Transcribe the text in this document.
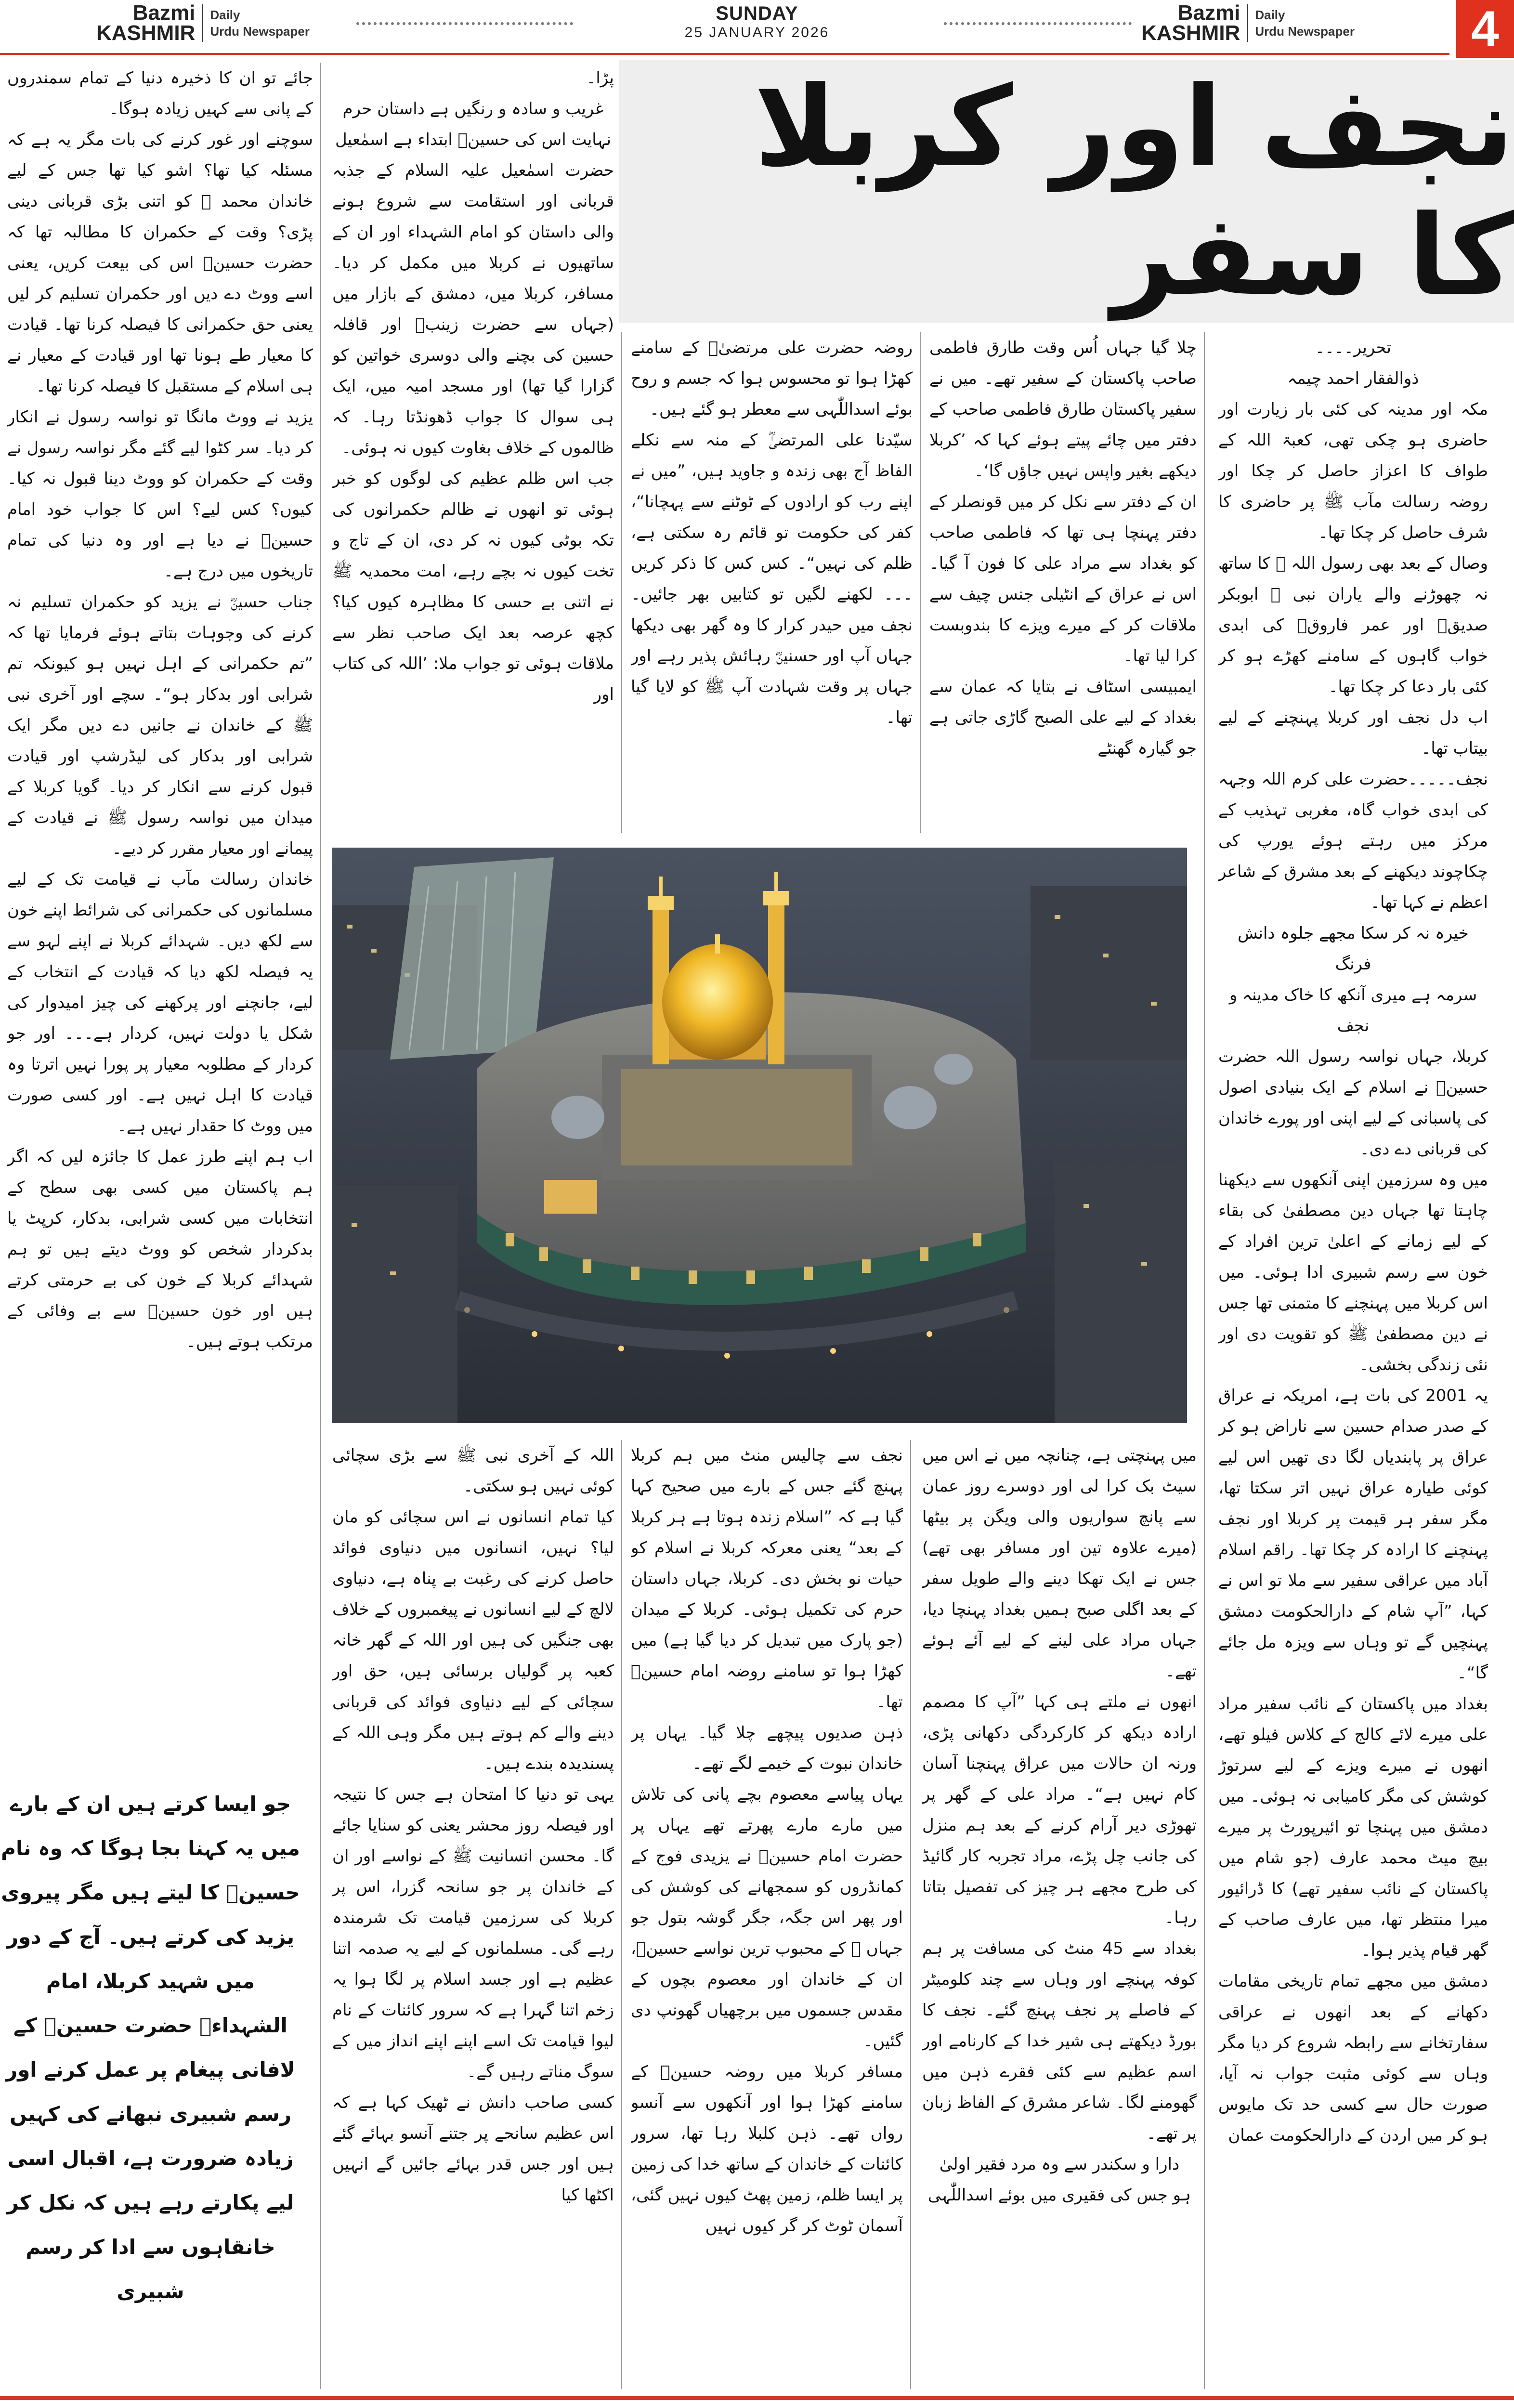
Bazmi
KASHMIR
Daily
Urdu Newspaper
SUNDAY
25 JANUARY 2026
Bazmi
KASHMIR
Daily
Urdu Newspaper 4
نجف اور کربلا کا سفر

تحریر۔۔۔۔

ذوالفقار احمد چیمہ

مکہ اور مدینہ کی کئی بار زیارت اور حاضری ہو چکی تھی، کعبۃ اللہ کے طواف کا اعزاز حاصل کر چکا اور روضہ رسالت مآب ﷺ پر حاضری کا شرف حاصل کر چکا تھا۔

وصال کے بعد بھی رسول اللہ ﷺ کا ساتھ نہ چھوڑنے والے یاران نبی ﷺ ابوبکر صدیقؓ اور عمر فاروقؓ کی ابدی خواب گاہوں کے سامنے کھڑے ہو کر کئی بار دعا کر چکا تھا۔

اب دل نجف اور کربلا پہنچنے کے لیے بیتاب تھا۔

نجف۔۔۔۔۔حضرت علی کرم اللہ وجہہ کی ابدی خواب گاہ، مغربی تہذیب کے مرکز میں رہتے ہوئے یورپ کی چکاچوند دیکھنے کے بعد مشرق کے شاعر اعظم نے کہا تھا۔

خیرہ نہ کر سکا مجھے جلوہ دانش فرنگ

سرمہ ہے میری آنکھ کا خاک مدینہ و نجف

کربلا، جہاں نواسہ رسول اللہ حضرت حسینؓ نے اسلام کے ایک بنیادی اصول کی پاسبانی کے لیے اپنی اور پورے خاندان کی قربانی دے دی۔

میں وہ سرزمین اپنی آنکھوں سے دیکھنا چاہتا تھا جہاں دین مصطفیٰ کی بقاء کے لیے زمانے کے اعلیٰ ترین افراد کے خون سے رسم شبیری ادا ہوئی۔ میں اس کربلا میں پہنچنے کا متمنی تھا جس نے دین مصطفیٰ ﷺ کو تقویت دی اور نئی زندگی بخشی۔

یہ 2001 کی بات ہے، امریکہ نے عراق کے صدر صدام حسین سے ناراض ہو کر عراق پر پابندیاں لگا دی تھیں اس لیے کوئی طیارہ عراق نہیں اتر سکتا تھا، مگر سفر ہر قیمت پر کربلا اور نجف پہنچنے کا ارادہ کر چکا تھا۔ راقم اسلام آباد میں عراقی سفیر سے ملا تو اس نے کہا، ”آپ شام کے دارالحکومت دمشق پہنچیں گے تو وہاں سے ویزہ مل جائے گا“۔

بغداد میں پاکستان کے نائب سفیر مراد علی میرے لائے کالج کے کلاس فیلو تھے، انھوں نے میرے ویزے کے لیے سرتوڑ کوشش کی مگر کامیابی نہ ہوئی۔ میں دمشق میں پہنچا تو ائیرپورٹ پر میرے بیچ میٹ محمد عارف (جو شام میں پاکستان کے نائب سفیر تھے) کا ڈرائیور میرا منتظر تھا، میں عارف صاحب کے گھر قیام پذیر ہوا۔

دمشق میں مجھے تمام تاریخی مقامات دکھانے کے بعد انھوں نے عراقی سفارتخانے سے رابطہ شروع کر دیا مگر وہاں سے کوئی مثبت جواب نہ آیا، صورت حال سے کسی حد تک مایوس ہو کر میں اردن کے دارالحکومت عمان

چلا گیا جہاں اُس وقت طارق فاطمی صاحب پاکستان کے سفیر تھے۔ میں نے سفیر پاکستان طارق فاطمی صاحب کے دفتر میں چائے پیتے ہوئے کہا کہ ’کربلا دیکھے بغیر واپس نہیں جاؤں گا‘۔

ان کے دفتر سے نکل کر میں قونصلر کے دفتر پہنچا ہی تھا کہ فاطمی صاحب کو بغداد سے مراد علی کا فون آ گیا۔ اس نے عراق کے انٹیلی جنس چیف سے ملاقات کر کے میرے ویزے کا بندوبست کرا لیا تھا۔

ایمبیسی اسٹاف نے بتایا کہ عمان سے بغداد کے لیے علی الصبح گاڑی جاتی ہے جو گیارہ گھنٹے

روضہ حضرت علی مرتضیٰؓ کے سامنے کھڑا ہوا تو محسوس ہوا کہ جسم و روح بوئے اسداللّٰہی سے معطر ہو گئے ہیں۔

سیّدنا علی المرتضیٰؓ کے منہ سے نکلے الفاظ آج بھی زندہ و جاوید ہیں، ”میں نے اپنے رب کو ارادوں کے ٹوٹنے سے پہچانا“، کفر کی حکومت تو قائم رہ سکتی ہے، ظلم کی نہیں“۔ کس کس کا ذکر کریں ۔۔۔ لکھنے لگیں تو کتابیں بھر جائیں۔ نجف میں حیدر کرار کا وہ گھر بھی دیکھا جہاں آپ اور حسنینؓ رہائش پذیر رہے اور جہاں پر وقت شہادت آپ ﷺ کو لایا گیا تھا۔

پڑا۔

غریب و سادہ و رنگیں ہے داستان حرم نہایت اس کی حسینؓ ابتداء ہے اسمٰعیل

حضرت اسمٰعیل علیہ السلام کے جذبہ قربانی اور استقامت سے شروع ہونے والی داستان کو امام الشہداء اور ان کے ساتھیوں نے کربلا میں مکمل کر دیا۔ مسافر، کربلا میں، دمشق کے بازار میں (جہاں سے حضرت زینبؓ اور قافلہ حسین کی بچنے والی دوسری خواتین کو گزارا گیا تھا) اور مسجد امیہ میں، ایک ہی سوال کا جواب ڈھونڈتا رہا۔ کہ ظالموں کے خلاف بغاوت کیوں نہ ہوئی۔

جب اس ظلم عظیم کی لوگوں کو خبر ہوئی تو انھوں نے ظالم حکمرانوں کی تکہ بوٹی کیوں نہ کر دی، ان کے تاج و تخت کیوں نہ بچے رہے، امت محمدیہ ﷺ نے اتنی بے حسی کا مظاہرہ کیوں کیا؟ کچھ عرصہ بعد ایک صاحب نظر سے ملاقات ہوئی تو جواب ملا: ’اللہ کی کتاب اور

جائے تو ان کا ذخیرہ دنیا کے تمام سمندروں کے پانی سے کہیں زیادہ ہوگا۔

سوچنے اور غور کرنے کی بات مگر یہ ہے کہ مسئلہ کیا تھا؟ اشو کیا تھا جس کے لیے خاندان محمد ﷺ کو اتنی بڑی قربانی دینی پڑی؟ وقت کے حکمران کا مطالبہ تھا کہ حضرت حسینؓ اس کی بیعت کریں، یعنی اسے ووٹ دے دیں اور حکمران تسلیم کر لیں یعنی حق حکمرانی کا فیصلہ کرنا تھا۔ قیادت کا معیار طے ہونا تھا اور قیادت کے معیار نے ہی اسلام کے مستقبل کا فیصلہ کرنا تھا۔

یزید نے ووٹ مانگا تو نواسہ رسول نے انکار کر دیا۔ سر کٹوا لیے گئے مگر نواسہ رسول نے وقت کے حکمران کو ووٹ دینا قبول نہ کیا۔ کیوں؟ کس لیے؟ اس کا جواب خود امام حسینؓ نے دیا ہے اور وہ دنیا کی تمام تاریخوں میں درج ہے۔

جناب حسینؓ نے یزید کو حکمران تسلیم نہ کرنے کی وجوہات بتاتے ہوئے فرمایا تھا کہ ”تم حکمرانی کے اہل نہیں ہو کیونکہ تم شرابی اور بدکار ہو“۔ سچے اور آخری نبی ﷺ کے خاندان نے جانیں دے دیں مگر ایک شرابی اور بدکار کی لیڈرشپ اور قیادت قبول کرنے سے انکار کر دیا۔ گویا کربلا کے میدان میں نواسہ رسول ﷺ نے قیادت کے پیمانے اور معیار مقرر کر دیے۔

خاندان رسالت مآب نے قیامت تک کے لیے مسلمانوں کی حکمرانی کی شرائط اپنے خون سے لکھ دیں۔ شہدائے کربلا نے اپنے لہو سے یہ فیصلہ لکھ دیا کہ قیادت کے انتخاب کے لیے، جانچنے اور پرکھنے کی چیز امیدوار کی شکل یا دولت نہیں، کردار ہے۔۔۔ اور جو کردار کے مطلوبہ معیار پر پورا نہیں اترتا وہ قیادت کا اہل نہیں ہے۔ اور کسی صورت میں ووٹ کا حقدار نہیں ہے۔

اب ہم اپنے طرز عمل کا جائزہ لیں کہ اگر ہم پاکستان میں کسی بھی سطح کے انتخابات میں کسی شرابی، بدکار، کرپٹ یا بدکردار شخص کو ووٹ دیتے ہیں تو ہم شہدائے کربلا کے خون کی بے حرمتی کرتے ہیں اور خون حسینؓ سے بے وفائی کے مرتکب ہوتے ہیں۔

میں پہنچتی ہے، چنانچہ میں نے اس میں سیٹ بک کرا لی اور دوسرے روز عمان سے پانچ سواریوں والی ویگن پر بیٹھا (میرے علاوہ تین اور مسافر بھی تھے) جس نے ایک تھکا دینے والے طویل سفر کے بعد اگلی صبح ہمیں بغداد پہنچا دیا، جہاں مراد علی لینے کے لیے آئے ہوئے تھے۔

انھوں نے ملتے ہی کہا ”آپ کا مصمم ارادہ دیکھ کر کارکردگی دکھانی پڑی، ورنہ ان حالات میں عراق پہنچنا آسان کام نہیں ہے“۔ مراد علی کے گھر پر تھوڑی دیر آرام کرنے کے بعد ہم منزل کی جانب چل پڑے، مراد تجربہ کار گائیڈ کی طرح مجھے ہر چیز کی تفصیل بتاتا رہا۔

بغداد سے 45 منٹ کی مسافت پر ہم کوفہ پہنچے اور وہاں سے چند کلومیٹر کے فاصلے پر نجف پہنچ گئے۔ نجف کا بورڈ دیکھتے ہی شیر خدا کے کارنامے اور اسم عظیم سے کئی فقرے ذہن میں گھومنے لگا۔ شاعر مشرق کے الفاظ زبان پر تھے۔

دارا و سکندر سے وہ مرد فقیر اولیٰ

ہو جس کی فقیری میں بوئے اسداللّٰہی

نجف سے چالیس منٹ میں ہم کربلا پہنچ گئے جس کے بارے میں صحیح کہا گیا ہے کہ ”اسلام زندہ ہوتا ہے ہر کربلا کے بعد“ یعنی معرکہ کربلا نے اسلام کو حیات نو بخش دی۔ کربلا، جہاں داستان حرم کی تکمیل ہوئی۔ کربلا کے میدان (جو پارک میں تبدیل کر دیا گیا ہے) میں کھڑا ہوا تو سامنے روضہ امام حسینؓ تھا۔

ذہن صدیوں پیچھے چلا گیا۔ یہاں پر خاندان نبوت کے خیمے لگے تھے۔

یہاں پیاسے معصوم بچے پانی کی تلاش میں مارے مارے پھرتے تھے یہاں پر حضرت امام حسینؓ نے یزیدی فوج کے کمانڈروں کو سمجھانے کی کوشش کی اور پھر اس جگہ، جگر گوشہ بتول جو جہاں ﷺ کے محبوب ترین نواسے حسینؓ، ان کے خاندان اور معصوم بچوں کے مقدس جسموں میں برچھیاں گھونپ دی گئیں۔

مسافر کربلا میں روضہ حسینؓ کے سامنے کھڑا ہوا اور آنکھوں سے آنسو رواں تھے۔ ذہن کلبلا رہا تھا، سرور کائنات کے خاندان کے ساتھ خدا کی زمین پر ایسا ظلم، زمین پھٹ کیوں نہیں گئی، آسمان ٹوٹ کر گر کیوں نہیں

اللہ کے آخری نبی ﷺ سے بڑی سچائی کوئی نہیں ہو سکتی۔

کیا تمام انسانوں نے اس سچائی کو مان لیا؟ نہیں، انسانوں میں دنیاوی فوائد حاصل کرنے کی رغبت بے پناہ ہے، دنیاوی لالچ کے لیے انسانوں نے پیغمبروں کے خلاف بھی جنگیں کی ہیں اور اللہ کے گھر خانہ کعبہ پر گولیاں برسائی ہیں، حق اور سچائی کے لیے دنیاوی فوائد کی قربانی دینے والے کم ہوتے ہیں مگر وہی اللہ کے پسندیدہ بندے ہیں۔

یہی تو دنیا کا امتحان ہے جس کا نتیجہ اور فیصلہ روز محشر یعنی کو سنایا جائے گا۔ محسن انسانیت ﷺ کے نواسے اور ان کے خاندان پر جو سانحہ گزرا، اس پر کربلا کی سرزمین قیامت تک شرمندہ رہے گی۔ مسلمانوں کے لیے یہ صدمہ اتنا عظیم ہے اور جسد اسلام پر لگا ہوا یہ زخم اتنا گہرا ہے کہ سرور کائنات کے نام لیوا قیامت تک اسے اپنے اپنے انداز میں کے سوگ مناتے رہیں گے۔

کسی صاحب دانش نے ٹھیک کہا ہے کہ اس عظیم سانحے پر جتنے آنسو بہائے گئے ہیں اور جس قدر بہائے جائیں گے انہیں اکٹھا کیا

جو ایسا کرتے ہیں ان کے بارے میں یہ کہنا بجا ہوگا کہ وہ نام حسینؓ کا لیتے ہیں مگر پیروی یزید کی کرتے ہیں۔ آج کے دور میں شہید کربلا، امام الشہداءؓ حضرت حسینؓ کے لافانی پیغام پر عمل کرنے اور رسم شبیری نبھانے کی کہیں زیادہ ضرورت ہے، اقبال اسی لیے پکارتے رہے ہیں کہ نکل کر خانقاہوں سے ادا کر رسم شبیری
